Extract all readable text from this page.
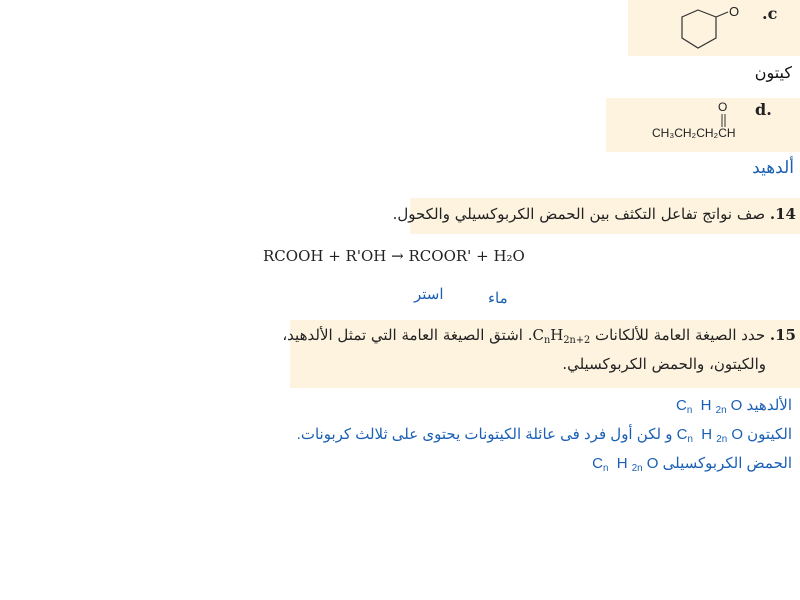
O c.
كيتون
O
CH₃CH₂CH₂CH
d.
ألدهيد
14. صف نواتج تفاعل التكثف بين الحمض الكربوكسيلي والكحول.
RCOOH + R'OH → RCOOR' + H₂O
استر	ماء
15. حدد الصيغة العامة للألكانات $C_nH_{2n+2}$. اشتق الصيغة العامة التي تمثل الألدهيد،
والكيتون، والحمض الكربوكسيلي.
الألدهيد $C_n$ H $_{2n}$ O
الكيتون $C_n$ H $_{2n}$ O و لكن أول فرد فى عائلة الكيتونات يحتوى على ثلالث كربونات.
الحمض الكربوكسيلى $C_n$ H $_{2n}$ O
